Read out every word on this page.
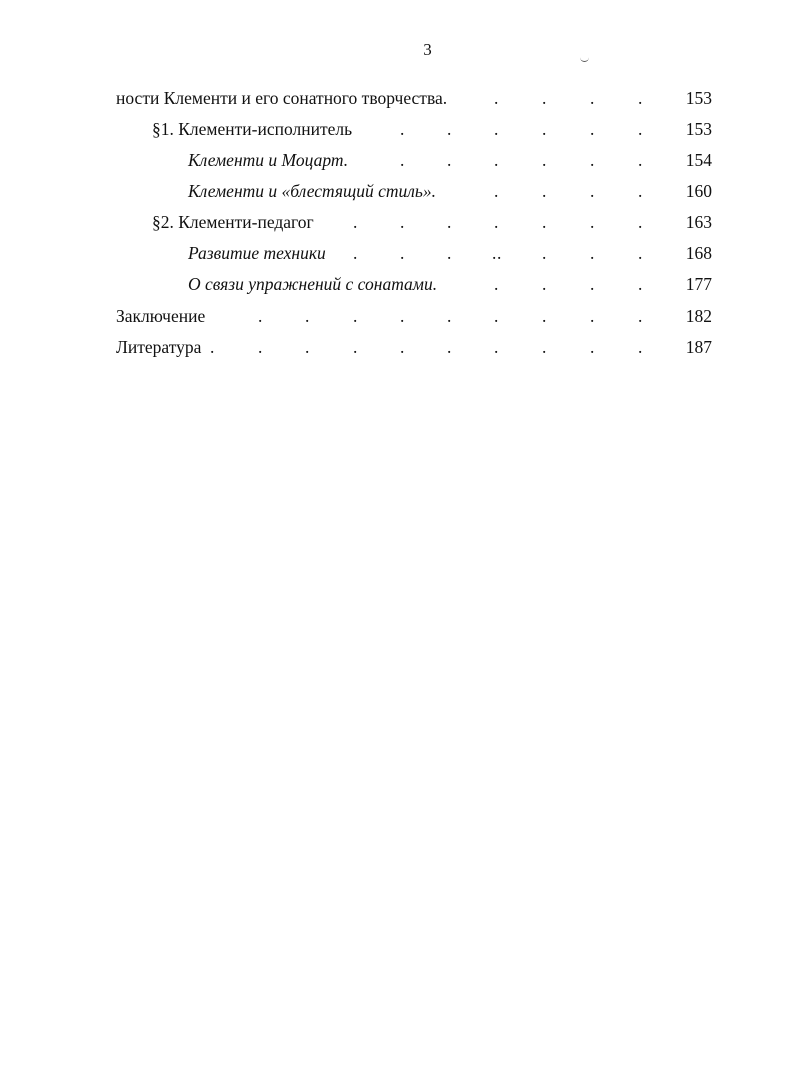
3
ности Клементи и его сонатного творчества.	. . . . 153
§1. Клементи-исполнитель	. . . . . . 153
Клементи и Моцарт.	. . . . . . 154
Клементи и «блестящий стиль».	. . . . 160
§2. Клементи-педагог . . . . . . . 163
Развитие техники . . . . . . . . 168
О связи упражнений с сонатами.	. . . . 177
Заключение	. . . . . . . . . 182
Литература . . . . . . . . . . 187
